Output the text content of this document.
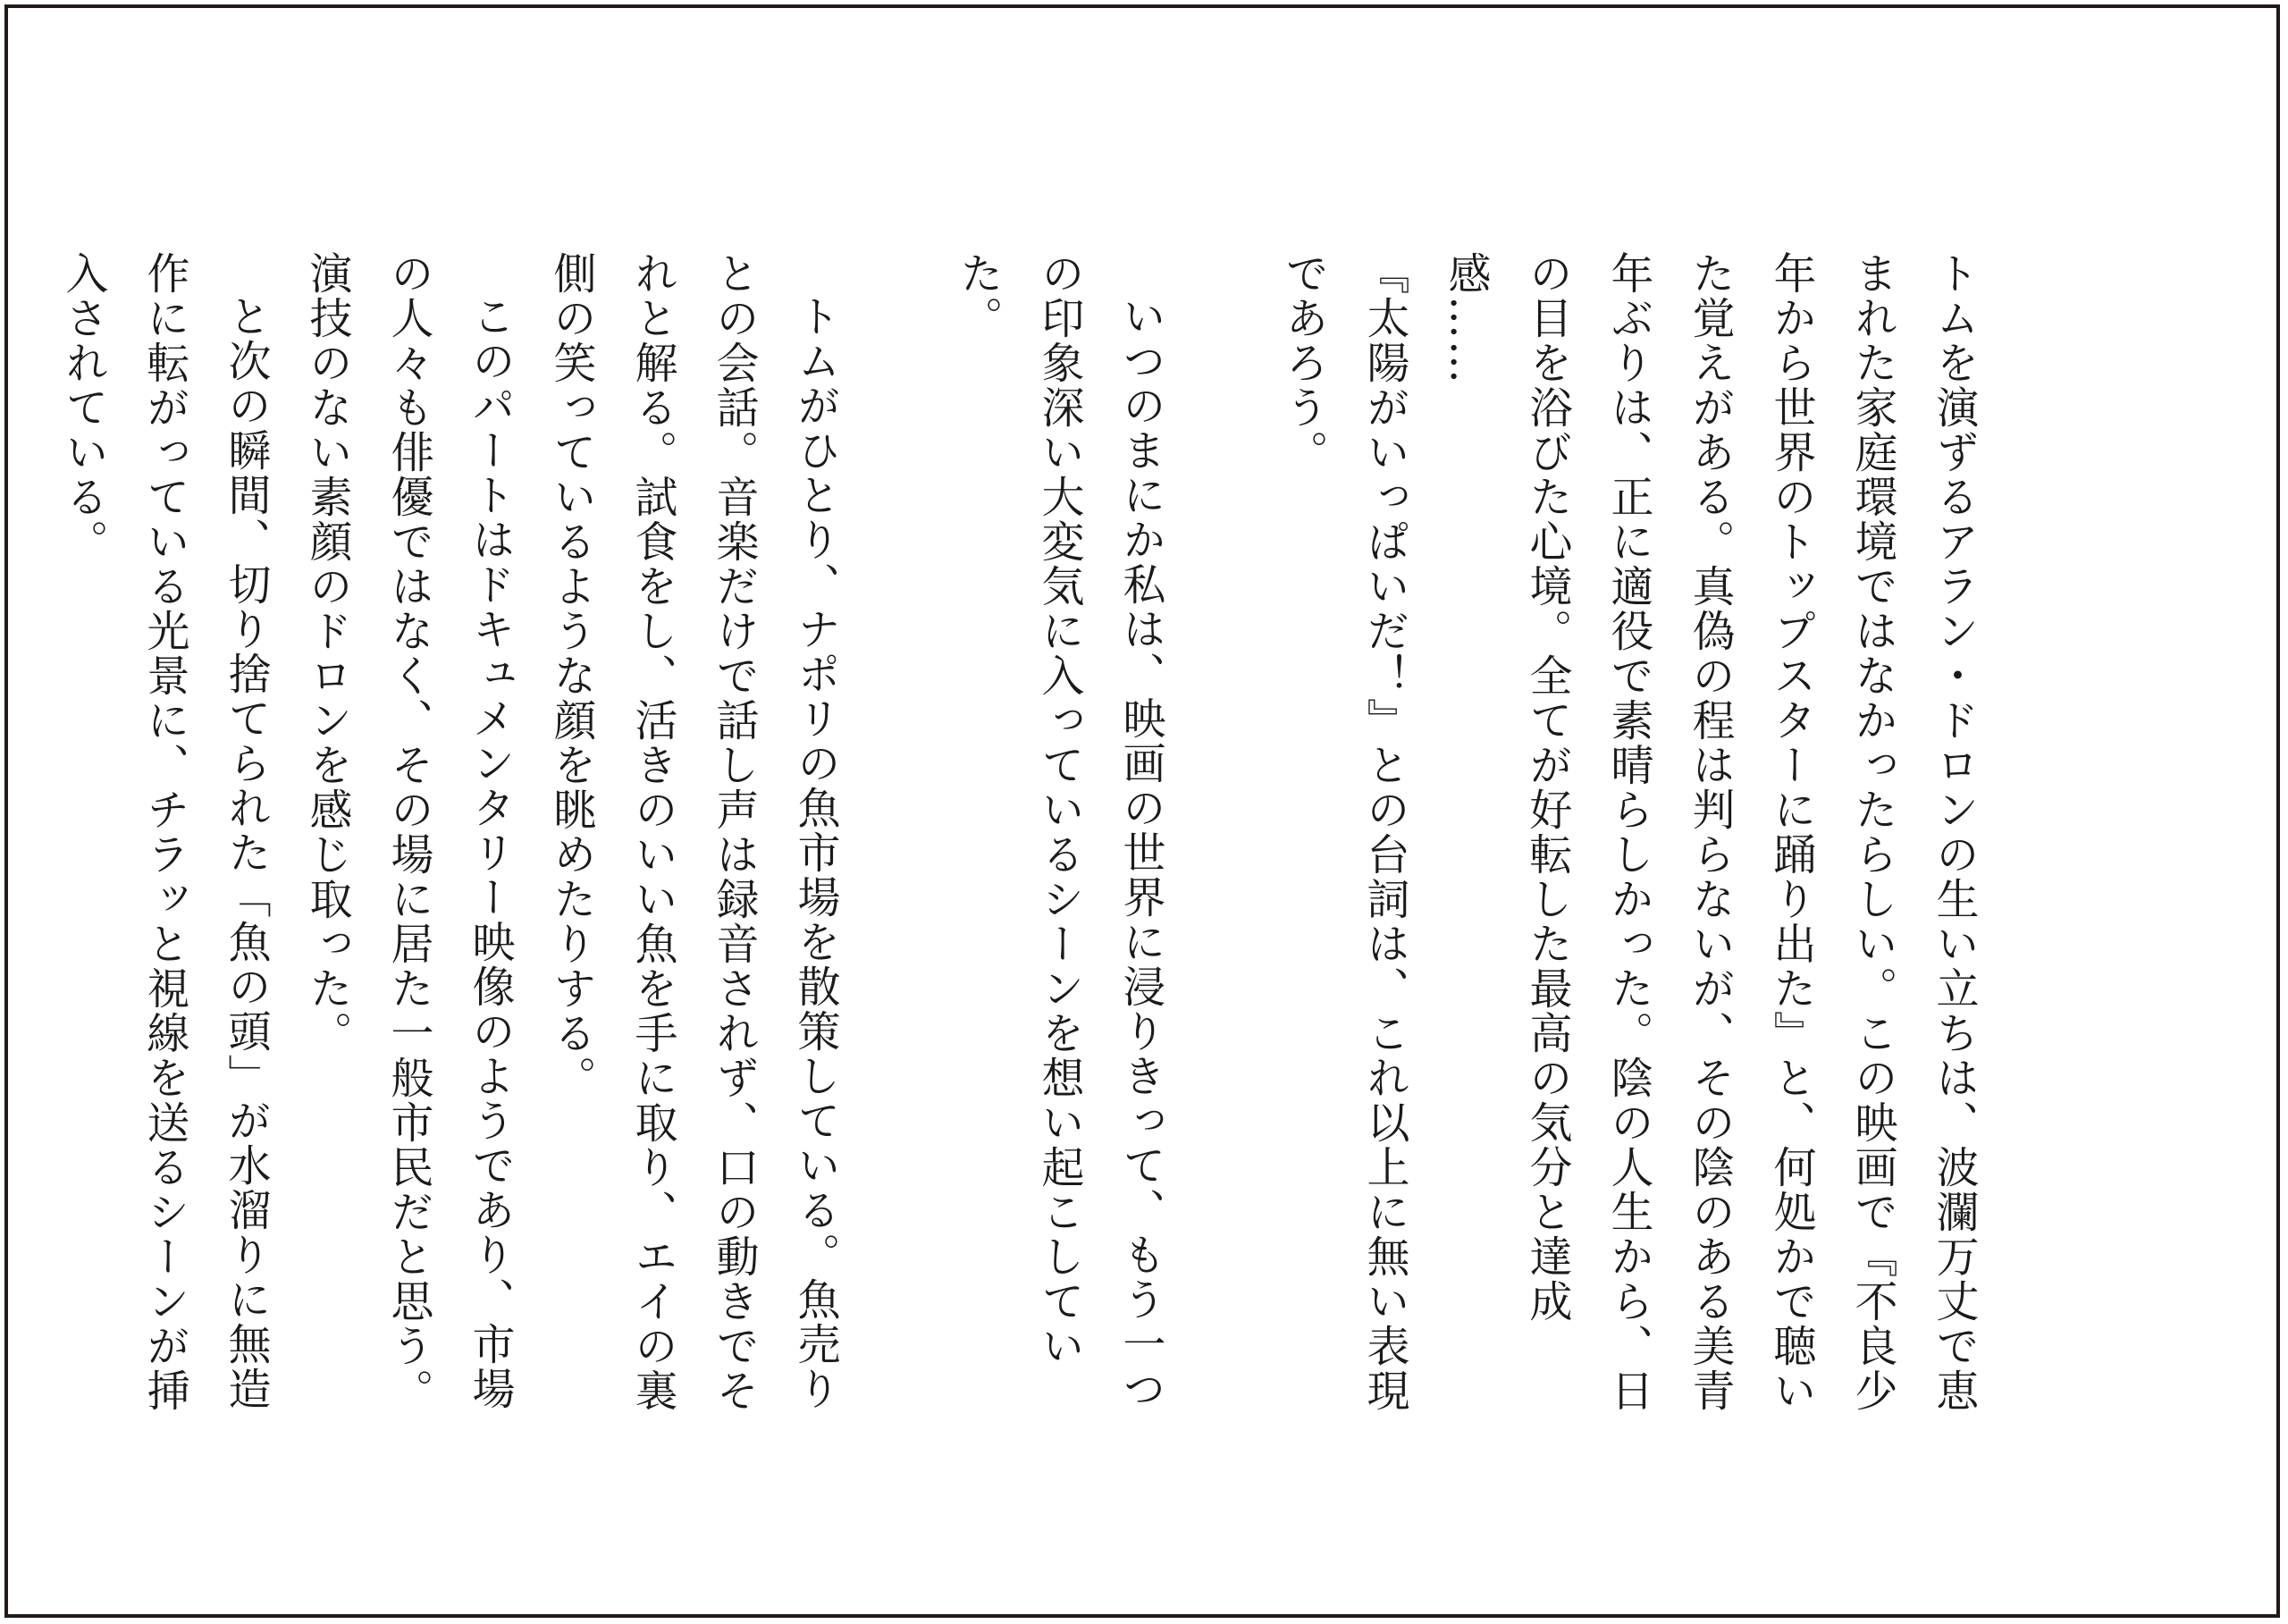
トムを演ずるアラン・ドロンの生い立ちは、波瀾万丈で恵まれた家庭環境ではなかったらしい。この映画で『不良少年から世界のトップスターに踊り出た』と、何処かで聴いた覚えがある。真偽の程は判らないが、その陰のある美青年ぶりは、正に適役で素晴らしかった。陰の人生から、日の目を浴びた心境。全てが好転した最高の気分と達成感……

『太陽がいっぱいだ！』との台詞は、これ以上に無い表現であろう。

いつのまにか私は、映画の世界に浸りきって、もう一つの印象深い大変気に入っているシーンを想い起こしていた。

トムがひとり、ナポリの魚市場を散策している。魚売りとの会話。音楽だけで話し声は録音されず、口の動きでそれと解る。試食をし、活きのいい魚を手に取り、エイの裏側の笑っているような顔を眺めたりする。

このパートはドキュメンタリー映像のようであり、市場の人々も俳優ではなく、その場に居た一般市民だと思う。演技のない素顔のドロンを感じ取った。

と次の瞬間、切り捨てられた「魚の頭」が水溜りに無造作に転がっている光景に、チラッと視線を送るシーンが挿入されている。
